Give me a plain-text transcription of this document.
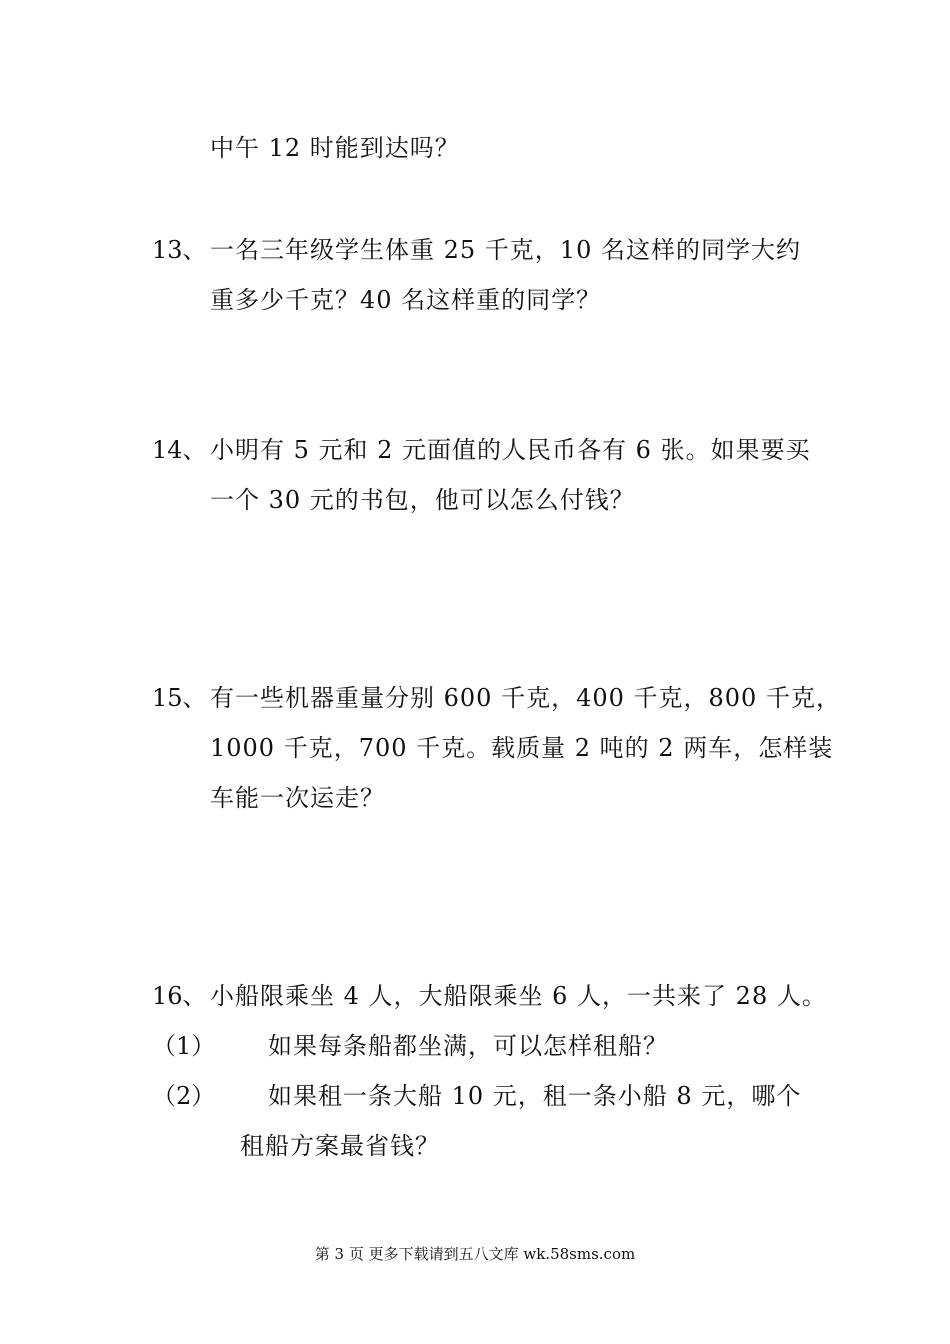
中午 12 时能到达吗？
13、 一名三年级学生体重 25 千克，10 名这样的同学大约
重多少千克？40 名这样重的同学？
14、 小明有 5 元和 2 元面值的人民币各有 6 张。如果要买
一个 30 元的书包，他可以怎么付钱？
15、 有一些机器重量分别 600 千克，400 千克，800 千克，
1000 千克，700 千克。载质量 2 吨的 2 两车，怎样装
车能一次运走？
16、 小船限乘坐 4 人，大船限乘坐 6 人，一共来了 28 人。
（1） 如果每条船都坐满，可以怎样租船？
（2） 如果租一条大船 10 元，租一条小船 8 元，哪个
租船方案最省钱？
第 3 页 更多下载请到五八文库 wk.58sms.com
